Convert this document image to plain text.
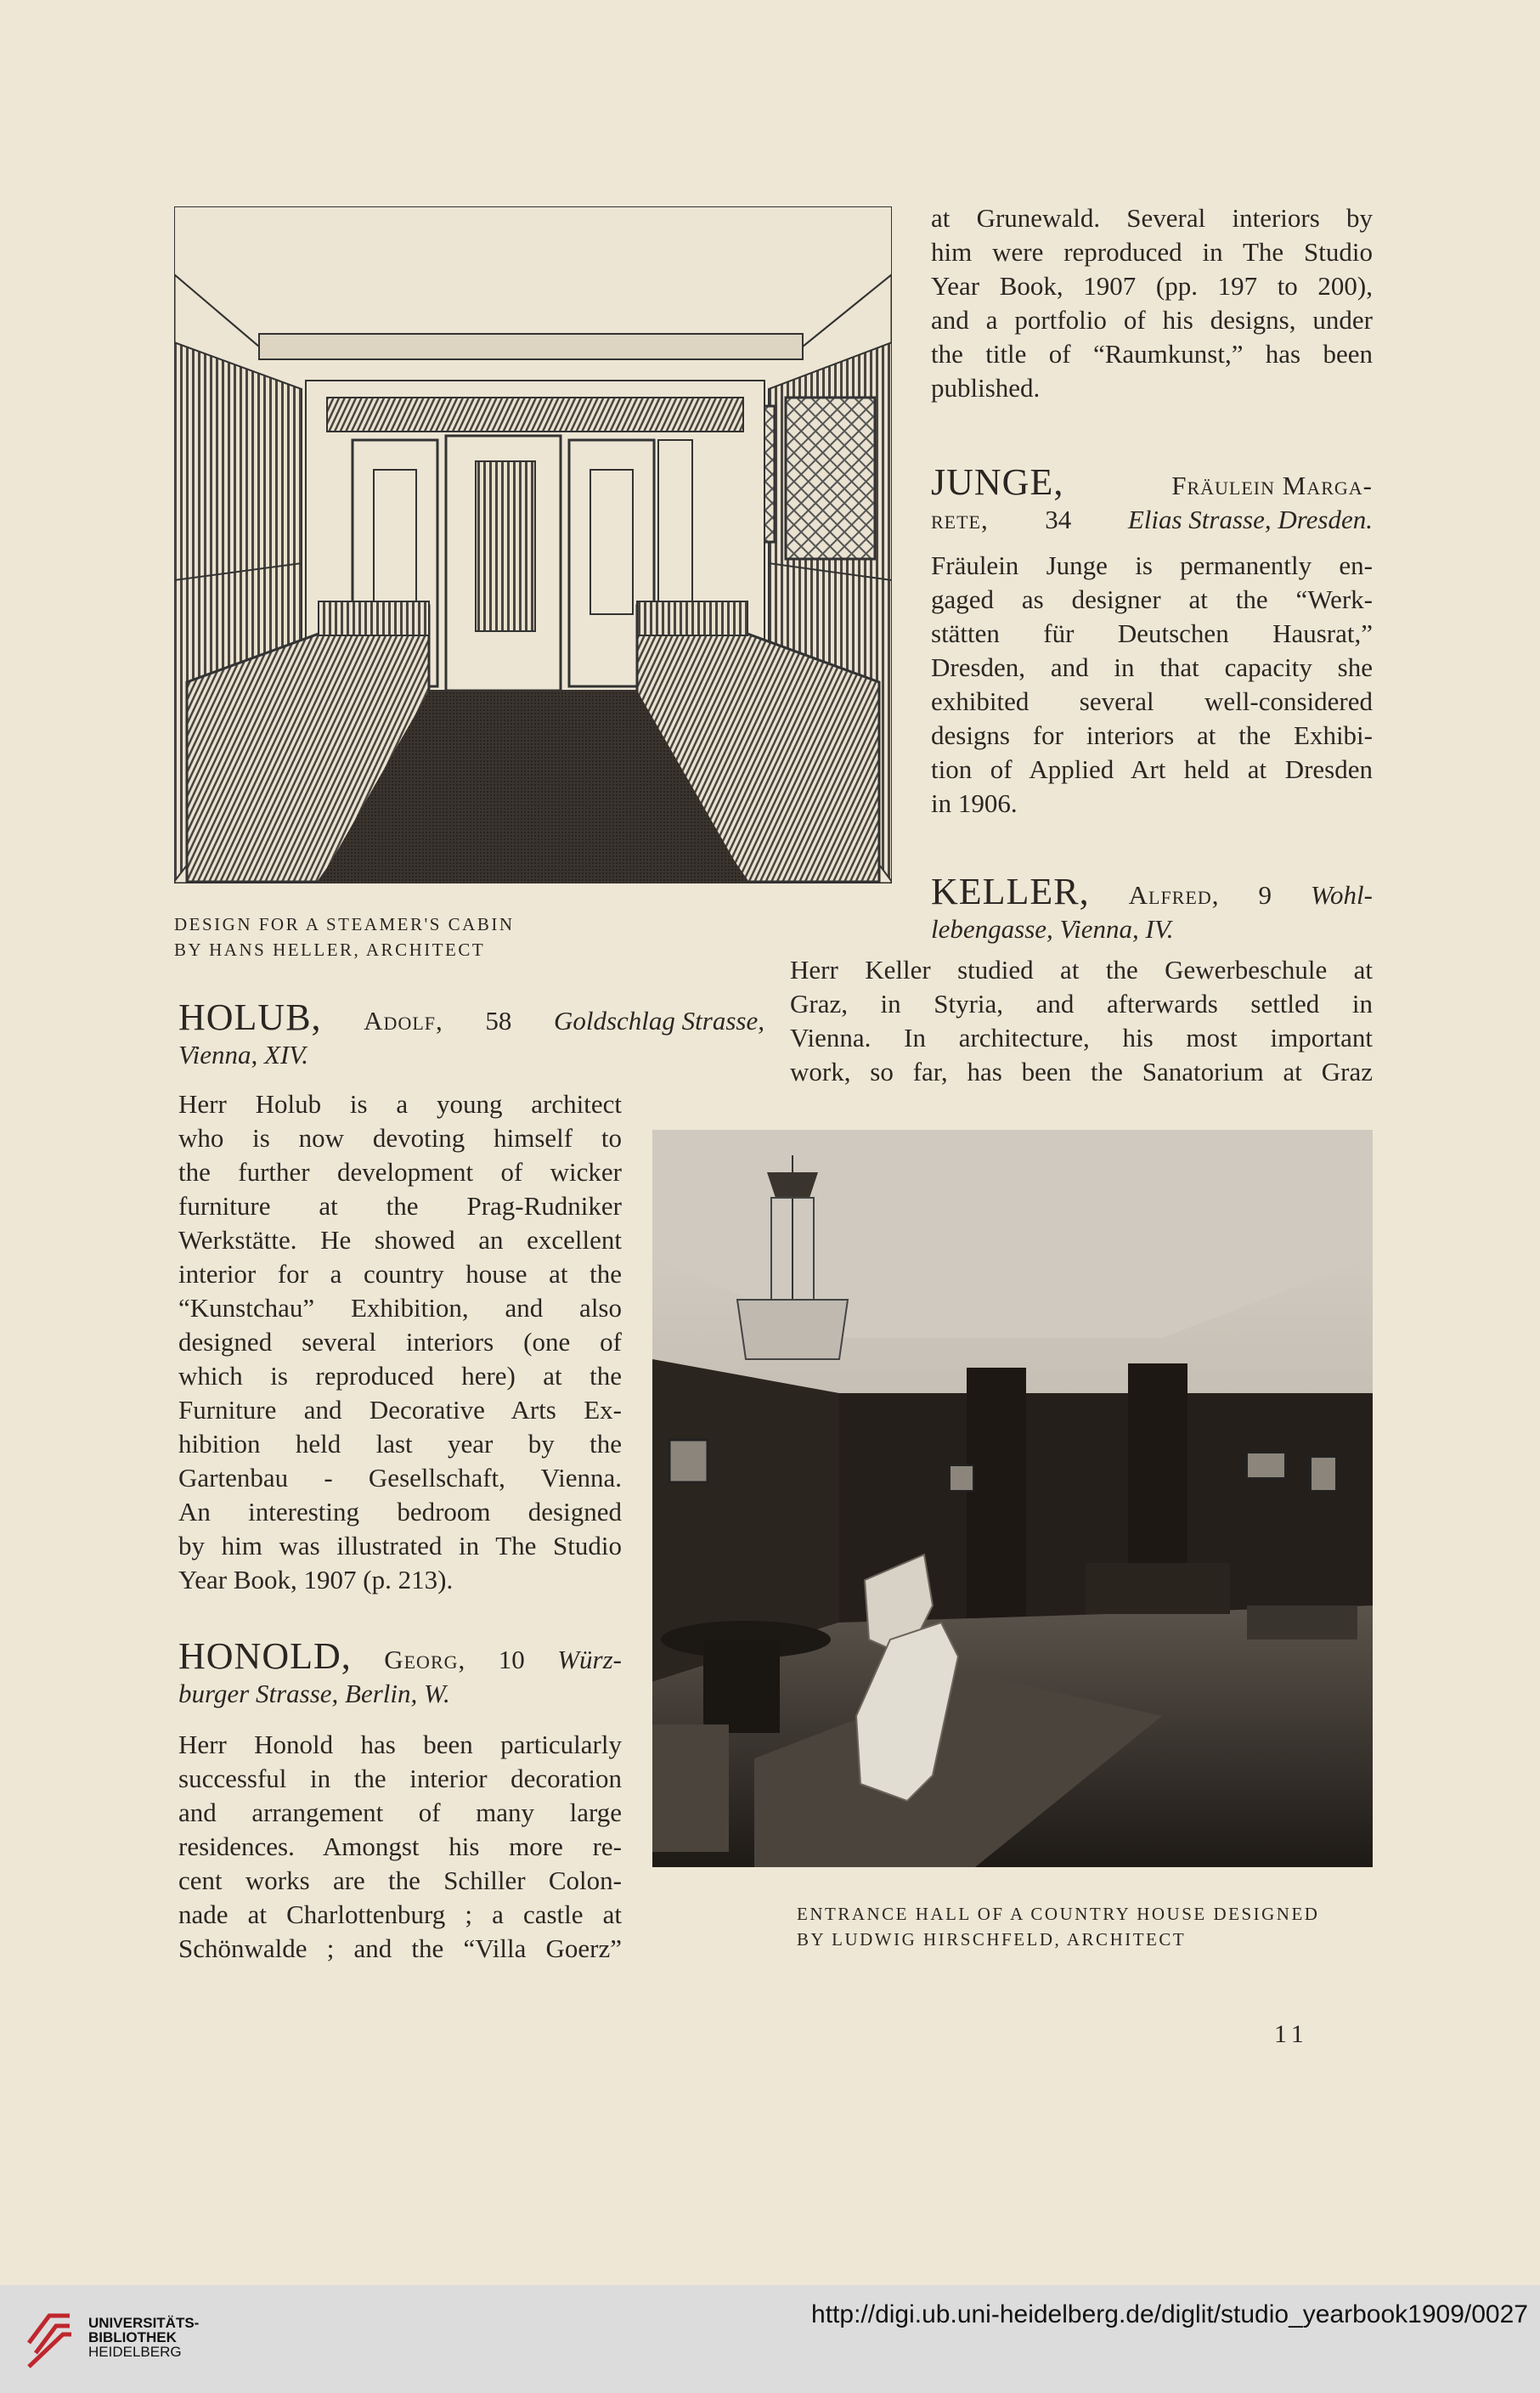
DESIGN FOR A STEAMER'S CABIN
BY HANS HELLER, ARCHITECT
at Grunewald. Several interiors by
him were reproduced in The Studio
Year Book, 1907 (pp. 197 to 200),
and a portfolio of his designs, under
the title of “Raumkunst,” has been
published.
JUNGE,	Fräulein Marga-
rete, 34 Elias Strasse, Dresden.
Fräulein Junge is permanently en-
gaged as designer at the “Werk-
stätten für Deutschen Hausrat,”
Dresden, and in that capacity she
exhibited several well-considered
designs for interiors at the Exhibi-
tion of Applied Art held at Dresden
in 1906.
KELLER, Alfred, 9 Wohl-
lebengasse, Vienna, IV.
Herr Keller studied at the Gewerbeschule at
Graz, in Styria, and afterwards settled in
Vienna. In architecture, his most important
work, so far, has been the Sanatorium at Graz
HOLUB, Adolf, 58 Goldschlag Strasse,
Vienna, XIV.
Herr Holub is a young architect
who is now devoting himself to
the further development of wicker
furniture at the Prag-Rudniker
Werkstätte. He showed an excellent
interior for a country house at the
“Kunstchau” Exhibition, and also
designed several interiors (one of
which is reproduced here) at the
Furniture and Decorative Arts Ex-
hibition held last year by the
Gartenbau - Gesellschaft, Vienna.
An interesting bedroom designed
by him was illustrated in The Studio
Year Book, 1907 (p. 213).
ENTRANCE HALL OF A COUNTRY HOUSE DESIGNED
BY LUDWIG HIRSCHFELD, ARCHITECT
HONOLD, Georg, 10 Würz-
burger Strasse, Berlin, W.
Herr Honold has been particularly
successful in the interior decoration
and arrangement of many large
residences. Amongst his more re-
cent works are the Schiller Colon-
nade at Charlottenburg ; a castle at
Schönwalde ; and the “Villa Goerz”
11
UNIVERSITÄTS-
BIBLIOTHEK
HEIDELBERG
http://digi.ub.uni-heidelberg.de/diglit/studio_yearbook1909/0027
